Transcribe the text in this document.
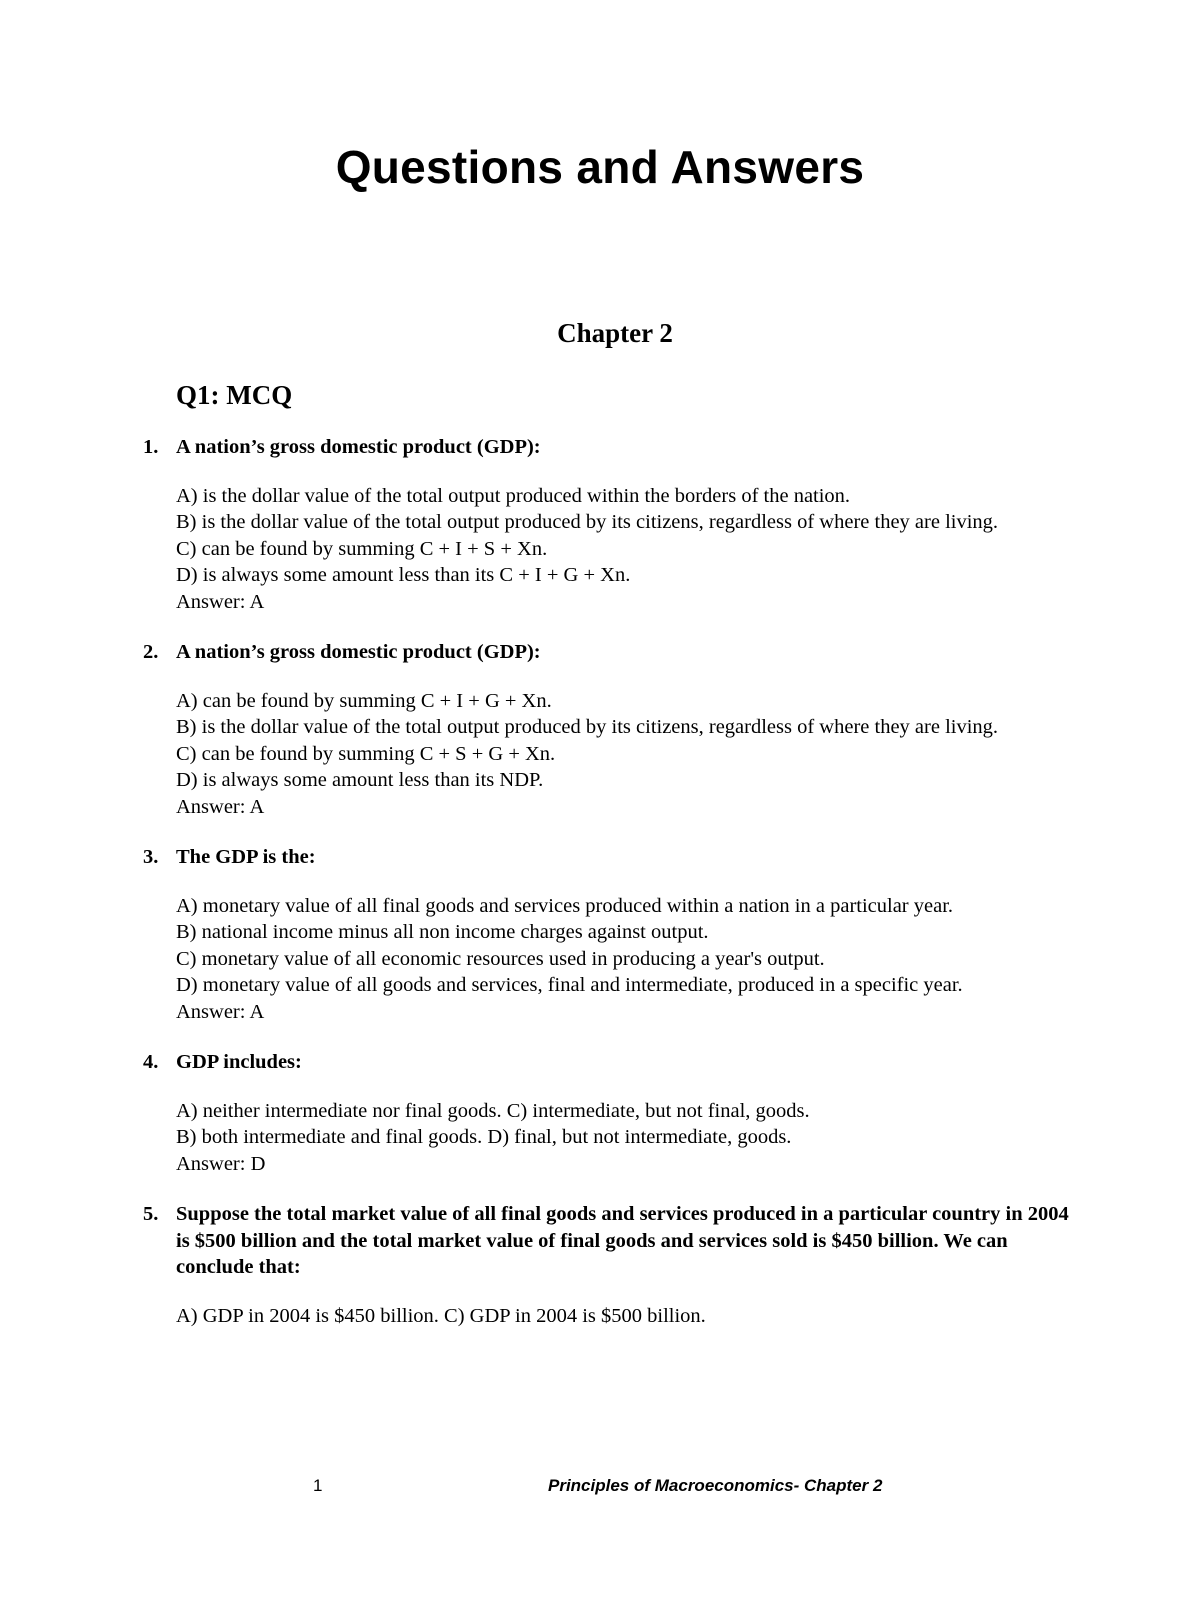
Questions and Answers
Chapter 2
Q1: MCQ
1. A nation’s gross domestic product (GDP):
A) is the dollar value of the total output produced within the borders of the nation.
B) is the dollar value of the total output produced by its citizens, regardless of where they are living.
C) can be found by summing C + I + S + Xn.
D) is always some amount less than its C + I + G + Xn.
Answer: A
2. A nation’s gross domestic product (GDP):
A) can be found by summing C + I + G + Xn.
B) is the dollar value of the total output produced by its citizens, regardless of where they are living.
C) can be found by summing C + S + G + Xn.
D) is always some amount less than its NDP.
Answer: A
3. The GDP is the:
A) monetary value of all final goods and services produced within a nation in a particular year.
B) national income minus all non income charges against output.
C) monetary value of all economic resources used in producing a year's output.
D) monetary value of all goods and services, final and intermediate, produced in a specific year.
Answer: A
4. GDP includes:
A) neither intermediate nor final goods. C) intermediate, but not final, goods.
B) both intermediate and final goods. D) final, but not intermediate, goods.
Answer: D
5. Suppose the total market value of all final goods and services produced in a particular country in 2004 is $500 billion and the total market value of final goods and services sold is $450 billion. We can conclude that:
A) GDP in 2004 is $450 billion. C) GDP in 2004 is $500 billion.
1	Principles of Macroeconomics- Chapter 2
